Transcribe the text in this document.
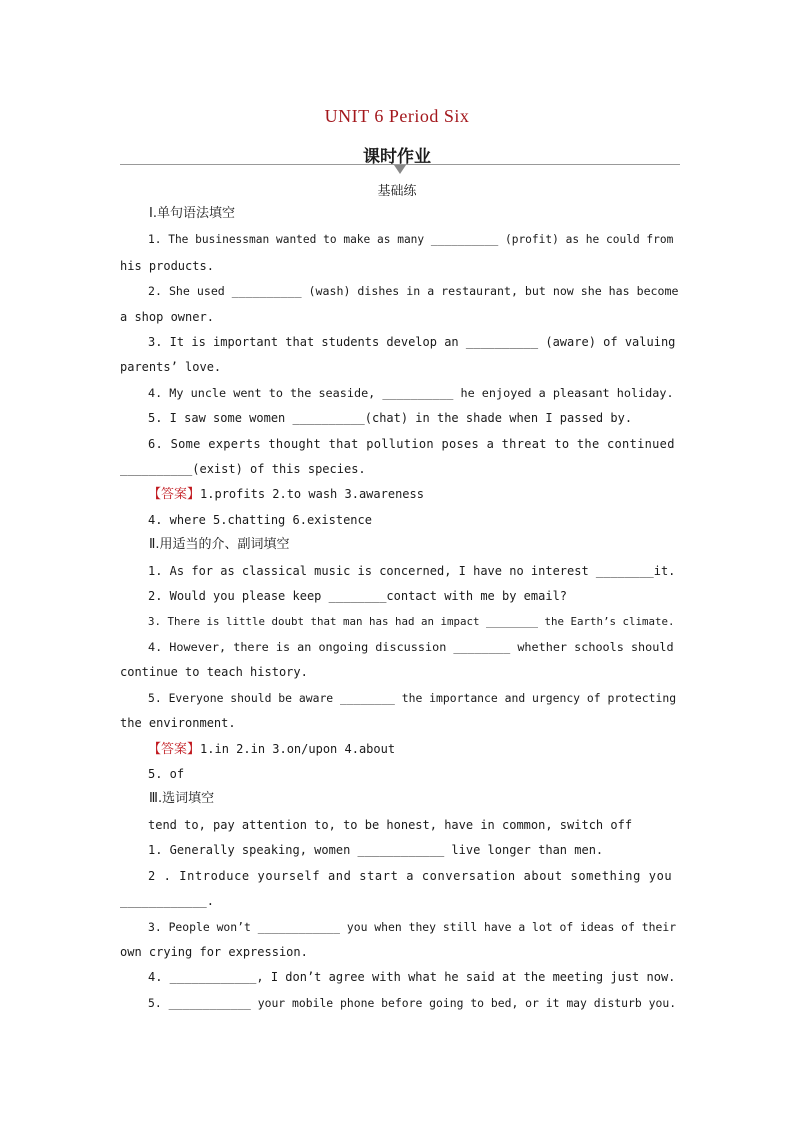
UNIT 6 Period Six
课时作业
基础练
Ⅰ.单句语法填空
1. The businessman wanted to make as many __________ (profit) as he could from
his products.
2. She used __________ (wash) dishes in a restaurant, but now she has become
a shop owner.
3. It is important that students develop an __________ (aware) of valuing
parents’ love.
4. My uncle went to the seaside, __________ he enjoyed a pleasant holiday.
5. I saw some women __________(chat) in the shade when I passed by.
6. Some experts thought that pollution poses a threat to the continued
__________(exist) of this species.
【答案】1.profits 2.to wash 3.awareness
4. where 5.chatting 6.existence
Ⅱ.用适当的介、副词填空
1. As for as classical music is concerned, I have no interest ________it.
2. Would you please keep ________contact with me by email?
3. There is little doubt that man has had an impact ________ the Earth’s climate.
4. However, there is an ongoing discussion ________ whether schools should
continue to teach history.
5. Everyone should be aware ________ the importance and urgency of protecting
the environment.
【答案】1.in 2.in 3.on/upon 4.about
5. of
Ⅲ.选词填空
tend to, pay attention to, to be honest, have in common, switch off
1. Generally speaking, women ____________ live longer than men.
2 . Introduce yourself and start a conversation about something you
____________.
3. People won’t ____________ you when they still have a lot of ideas of their
own crying for expression.
4. ____________, I don’t agree with what he said at the meeting just now.
5. ____________ your mobile phone before going to bed, or it may disturb you.
